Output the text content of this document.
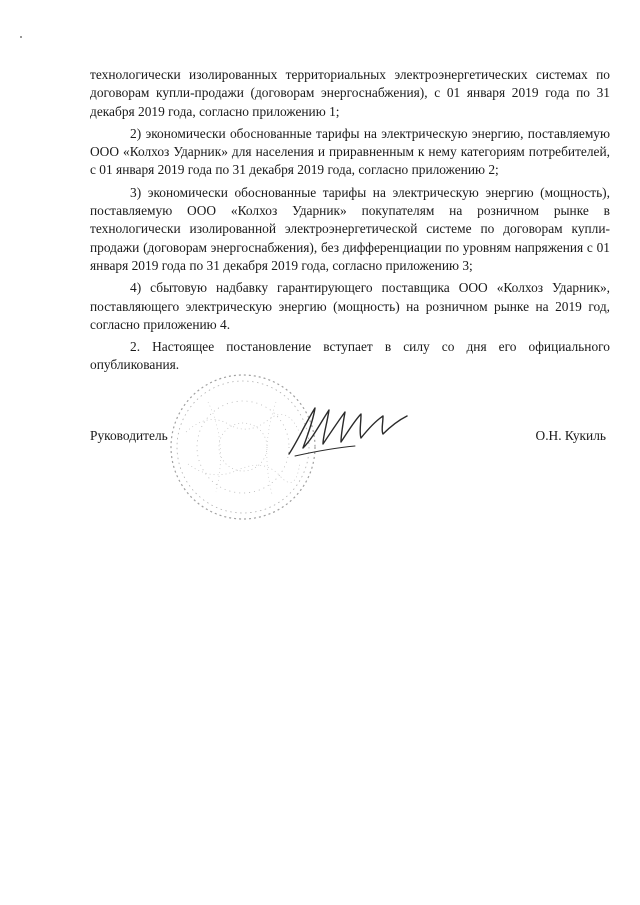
технологически изолированных территориальных электроэнергетических системах по договорам купли-продажи (договорам энергоснабжения), с 01 января 2019 года по 31 декабря 2019 года, согласно приложению 1;

2) экономически обоснованные тарифы на электрическую энергию, поставляемую ООО «Колхоз Ударник» для населения и приравненным к нему категориям потребителей, с 01 января 2019 года по 31 декабря 2019 года, согласно приложению 2;

3) экономически обоснованные тарифы на электрическую энергию (мощность), поставляемую ООО «Колхоз Ударник» покупателям на розничном рынке в технологически изолированной электроэнергетической системе по договорам купли-продажи (договорам энергоснабжения), без дифференциации по уровням напряжения с 01 января 2019 года по 31 декабря 2019 года, согласно приложению 3;

4) сбытовую надбавку гарантирующего поставщика ООО «Колхоз Ударник», поставляющего электрическую энергию (мощность) на розничном рынке на 2019 год, согласно приложению 4.

2. Настоящее постановление вступает в силу со дня его официального опубликования.

Руководитель	О.Н. Кукиль
